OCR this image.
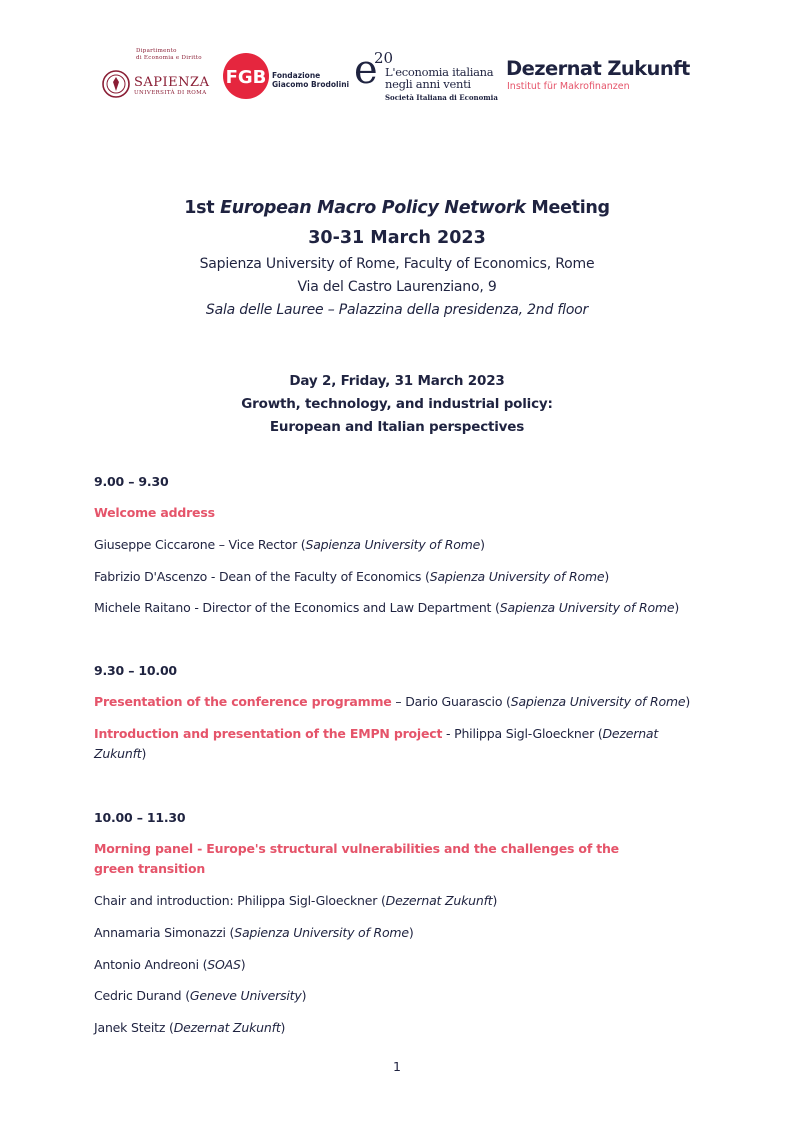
Dipartimento
di Economia e Diritto
SAPIENZA
UNIVERSITÀ DI ROMA
FGB Fondazione
Giacomo Brodolini e
20
L'economia italiana
negli anni venti
Società Italiana di Economia
Dezernat Zukunft
Institut für Makrofinanzen
1st European Macro Policy Network Meeting
30-31 March 2023
Sapienza University of Rome, Faculty of Economics, Rome
Via del Castro Laurenziano, 9
Sala delle Lauree – Palazzina della presidenza, 2nd floor
Day 2, Friday, 31 March 2023
Growth, technology, and industrial policy:
European and Italian perspectives
9.00 – 9.30
Welcome address
Giuseppe Ciccarone – Vice Rector (Sapienza University of Rome)
Fabrizio D'Ascenzo - Dean of the Faculty of Economics (Sapienza University of Rome)
Michele Raitano - Director of the Economics and Law Department (Sapienza University of Rome)
9.30 – 10.00
Presentation of the conference programme – Dario Guarascio (Sapienza University of Rome)
Introduction and presentation of the EMPN project - Philippa Sigl-Gloeckner (Dezernat Zukunft)
10.00 – 11.30
Morning panel - Europe's structural vulnerabilities and the challenges of the green transition
Chair and introduction: Philippa Sigl-Gloeckner (Dezernat Zukunft)
Annamaria Simonazzi (Sapienza University of Rome)
Antonio Andreoni (SOAS)
Cedric Durand (Geneve University)
Janek Steitz (Dezernat Zukunft)
1
